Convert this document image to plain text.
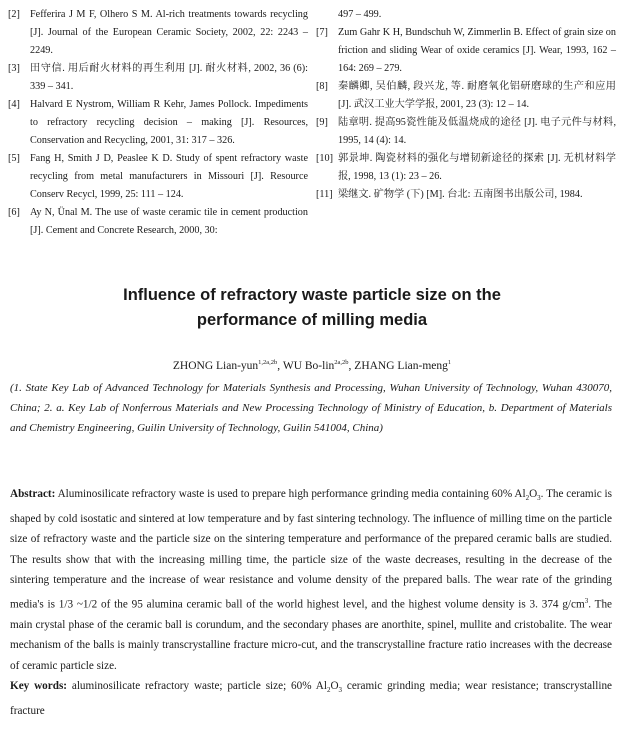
[2] Fefferira J M F, Olhero S M. Al-rich treatments towards recycling [J]. Journal of the European Ceramic Society, 2002, 22: 2243 – 2249.
[3] 田守信. 用后耐火材料的再生利用 [J]. 耐火材料, 2002, 36 (6): 339 – 341.
[4] Halvard E Nystrom, William R Kehr, James Pollock. Impediments to refractory recycling decision – making [J]. Resources, Conservation and Recycling, 2001, 31: 317 – 326.
[5] Fang H, Smith J D, Peaslee K D. Study of spent refractory waste recycling from metal manufacturers in Missouri [J]. Resource Conserv Recycl, 1999, 25: 111 – 124.
[6] Ay N, Ünal M. The use of waste ceramic tile in cement production [J]. Cement and Concrete Research, 2000, 30:
497 – 499.
[7] Zum Gahr K H, Bundschuh W, Zimmerlin B. Effect of grain size on friction and sliding Wear of oxide ceramics [J]. Wear, 1993, 162 – 164: 269 – 279.
[8] 秦麟卿, 吴伯麟, 段兴龙, 等. 耐磨氧化铝研磨球的生产和应用 [J]. 武汉工业大学学报, 2001, 23 (3): 12 – 14.
[9] 陆章明. 提高95瓷性能及低温烧成的途径 [J]. 电子元件与材料, 1995, 14 (4): 14.
[10] 郭景坤. 陶瓷材料的强化与增韧新途径的探索 [J]. 无机材料学报, 1998, 13 (1): 23 – 26.
[11] 梁继文. 矿物学 (下) [M]. 台北: 五南图书出版公司, 1984.
Influence of refractory waste particle size on the
performance of milling media
ZHONG Lian-yun$^{1,2a,2b}$, WU Bo-lin$^{2a,2b}$, ZHANG Lian-meng$^1$
(1. State Key Lab of Advanced Technology for Materials Synthesis and Processing, Wuhan University of Technology, Wuhan 430070, China; 2. a. Key Lab of Nonferrous Materials and New Processing Technology of Ministry of Education, b. Department of Materials and Chemistry Engineering, Guilin University of Technology, Guilin 541004, China)
Abstract: Aluminosilicate refractory waste is used to prepare high performance grinding media containing 60% $Al_2O_3$. The ceramic is shaped by cold isostatic and sintered at low temperature and by fast sintering technology. The influence of milling time on the particle size of refractory waste and the particle size on the sintering temperature and performance of the prepared ceramic balls are studied. The results show that with the increasing milling time, the particle size of the waste decreases, resulting in the decrease of the sintering temperature and the increase of wear resistance and volume density of the prepared balls. The wear rate of the grinding media's is 1/3 ~1/2 of the 95 alumina ceramic ball of the world highest level, and the highest volume density is 3. 374 $g/cm^3$. The main crystal phase of the ceramic ball is corundum, and the secondary phases are anorthite, spinel, mullite and cristobalite. The wear mechanism of the balls is mainly transcrystalline fracture micro-cut, and the transcrystalline fracture ratio increases with the decrease of ceramic particle size.
Key words: aluminosilicate refractory waste; particle size; 60% $Al_2O_3$ ceramic grinding media; wear resistance; transcrystalline fracture
